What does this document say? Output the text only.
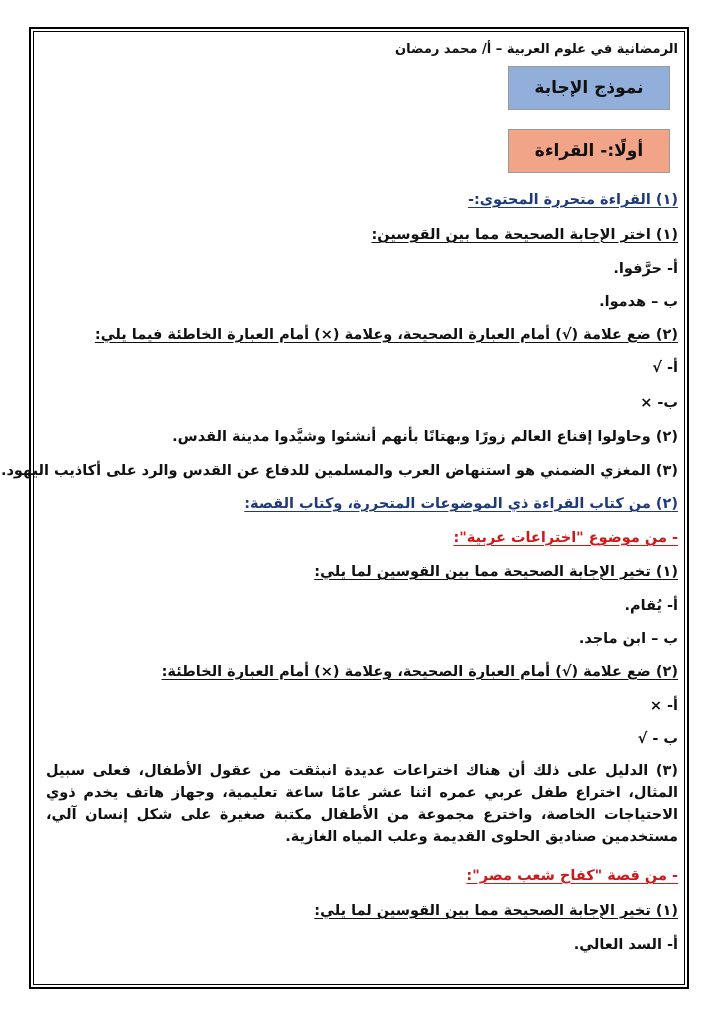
الرمضانية في علوم العربية – أ/ محمد رمضان
نموذج الإجابة
أولًا:- القراءة
(١) القراءة متحررة المحتوى:-
(١) اختر الإجابة الصحيحة مما بين القوسين:
أ- حرَّفوا.
ب – هدموا.
(٢) ضع علامة (√) أمام العبارة الصحيحة، وعلامة (×) أمام العبارة الخاطئة فيما يلي:
أ- √
ب- ×
(٢) وحاولوا إقناع العالم زورًا وبهتانًا بأنهم أنشئوا وشيَّدوا مدينة القدس.
(٣) المغزي الضمني هو استنهاض العرب والمسلمين للدفاع عن القدس والرد على أكاذيب اليهود.
(٢) من كتاب القراءة ذي الموضوعات المتحررة، وكتاب القصة:
- من موضوع "اختراعات عربية":
(١) تخير الإجابة الصحيحة مما بين القوسين لما يلي:
أ- يُقام.
ب – ابن ماجد.
(٢) ضع علامة (√) أمام العبارة الصحيحة، وعلامة (×) أمام العبارة الخاطئة:
أ- ×
ب - √
(٣) الدليل على ذلك أن هناك اختراعات عديدة انبثقت من عقول الأطفال، فعلى سبيل المثال، اختراع طفل عربي عمره اثنا عشر عامًا ساعة تعليمية، وجهاز هاتف يخدم ذوي الاحتياجات الخاصة، واخترع مجموعة من الأطفال مكتبة صغيرة على شكل إنسان آلي، مستخدمين صناديق الحلوى القديمة وعلب المياه الغازية.
- من قصة "كفاح شعب مصر":
(١) تخير الإجابة الصحيحة مما بين القوسين لما يلي:
أ- السد العالي.
